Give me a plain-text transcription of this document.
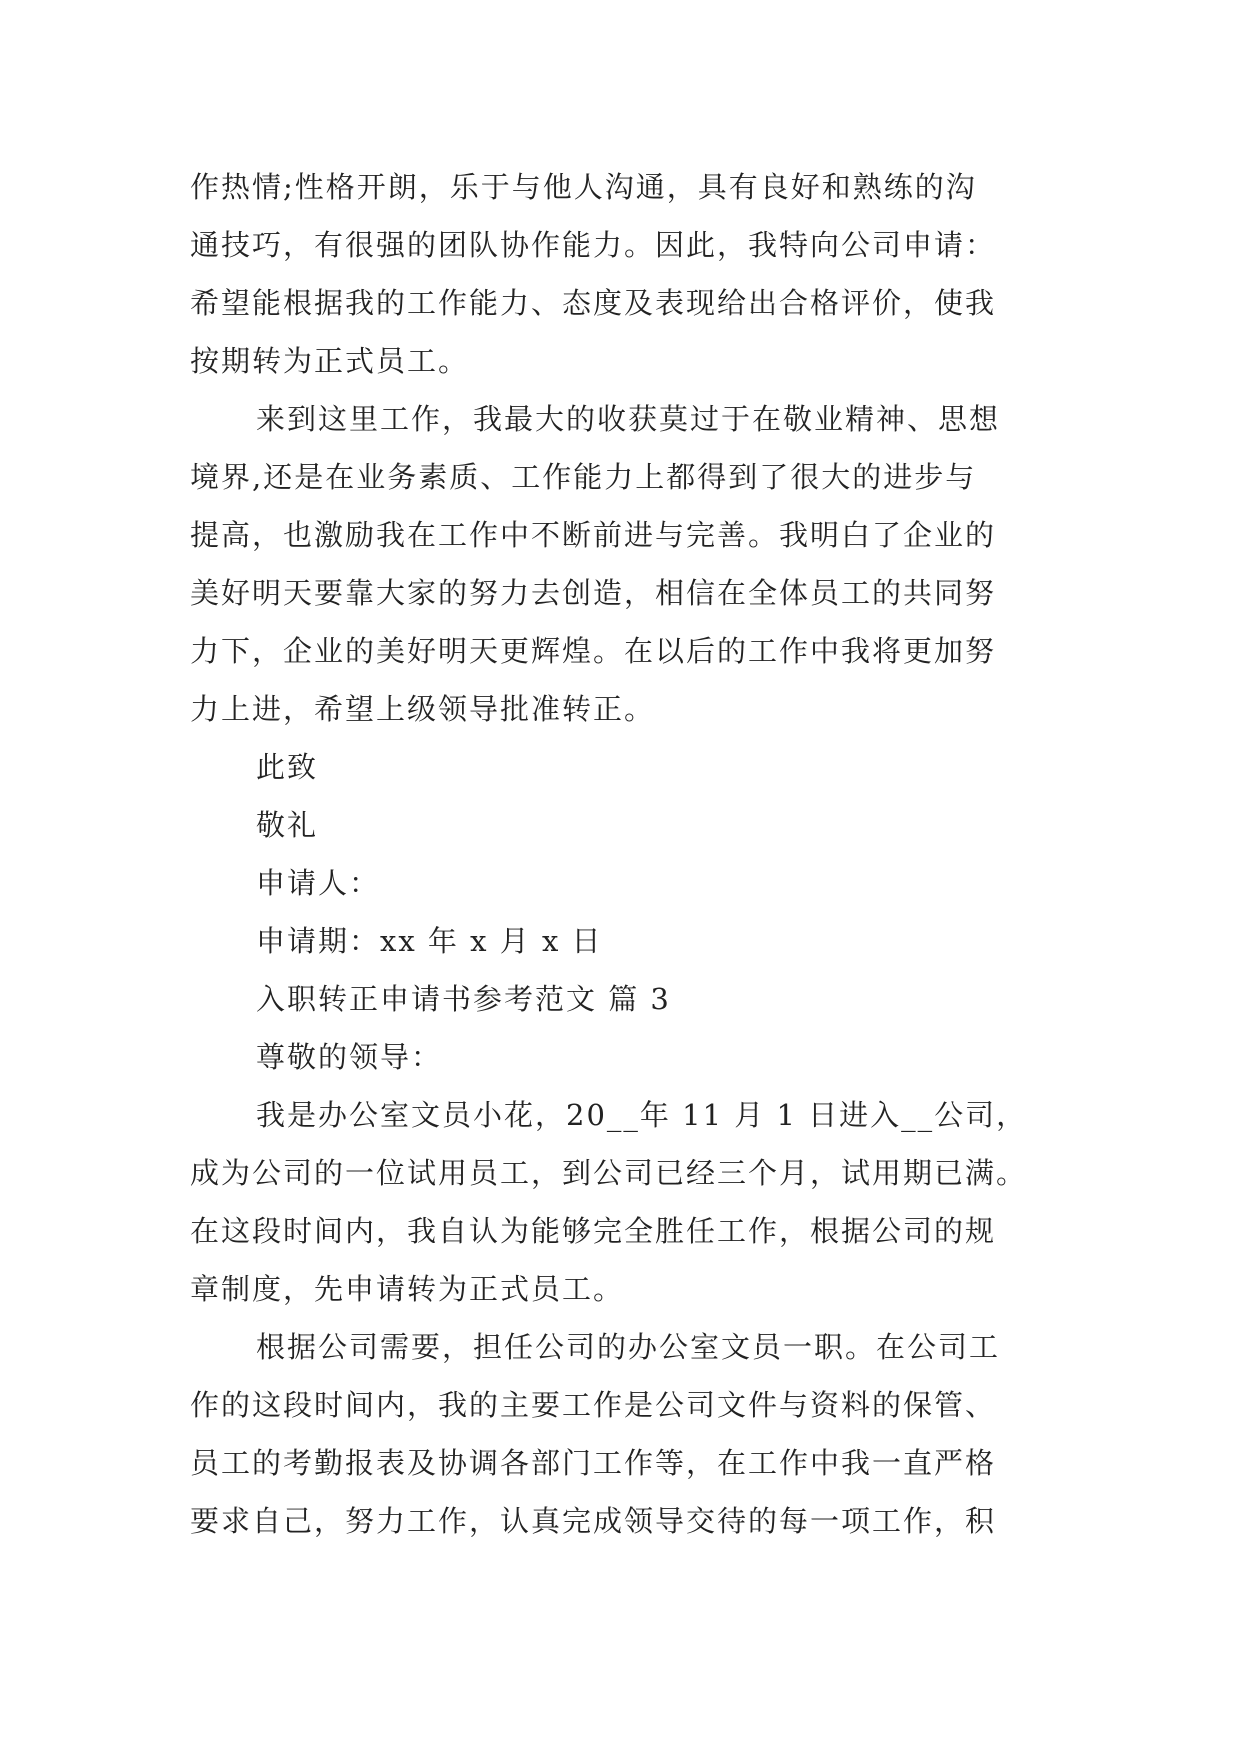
作热情;性格开朗，乐于与他人沟通，具有良好和熟练的沟
通技巧，有很强的团队协作能力。因此，我特向公司申请：
希望能根据我的工作能力、态度及表现给出合格评价，使我
按期转为正式员工。
来到这里工作，我最大的收获莫过于在敬业精神、思想
境界,还是在业务素质、工作能力上都得到了很大的进步与
提高，也激励我在工作中不断前进与完善。我明白了企业的
美好明天要靠大家的努力去创造，相信在全体员工的共同努
力下，企业的美好明天更辉煌。在以后的工作中我将更加努
力上进，希望上级领导批准转正。
此致
敬礼
申请人：
申请期：xx 年 x 月 x 日
入职转正申请书参考范文 篇 3
尊敬的领导：
我是办公室文员小花，20__年 11 月 1 日进入__公司，
成为公司的一位试用员工，到公司已经三个月，试用期已满。
在这段时间内，我自认为能够完全胜任工作，根据公司的规
章制度，先申请转为正式员工。
根据公司需要，担任公司的办公室文员一职。在公司工
作的这段时间内，我的主要工作是公司文件与资料的保管、
员工的考勤报表及协调各部门工作等，在工作中我一直严格
要求自己，努力工作，认真完成领导交待的每一项工作，积
